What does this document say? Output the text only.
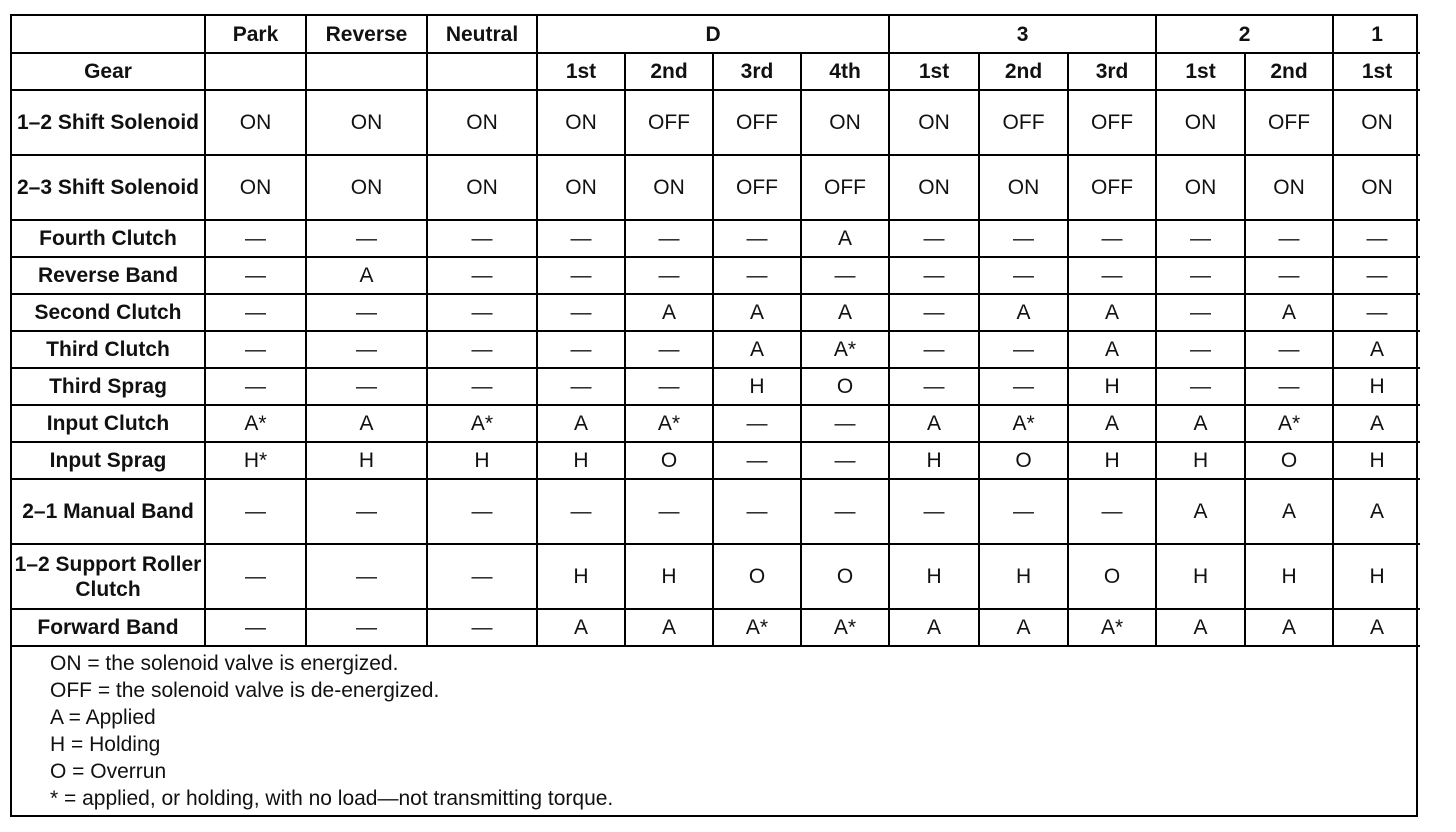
	Park	Reverse	Neutral	D				3			2		1
Gear				1st	2nd	3rd	4th	1st	2nd	3rd	1st	2nd	1st
1–2 Shift Solenoid	ON	ON	ON	ON	OFF	OFF	ON	ON	OFF	OFF	ON	OFF	ON
2–3 Shift Solenoid	ON	ON	ON	ON	ON	OFF	OFF	ON	ON	OFF	ON	ON	ON
Fourth Clutch	—	—	—	—	—	—	A	—	—	—	—	—	—
Reverse Band	—	A	—	—	—	—	—	—	—	—	—	—	—
Second Clutch	—	—	—	—	A	A	A	—	A	A	—	A	—
Third Clutch	—	—	—	—	—	A	A*	—	—	A	—	—	A
Third Sprag	—	—	—	—	—	H	O	—	—	H	—	—	H
Input Clutch	A*	A	A*	A	A*	—	—	A	A*	A	A	A*	A
Input Sprag	H*	H	H	H	O	—	—	H	O	H	H	O	H
2–1 Manual Band	—	—	—	—	—	—	—	—	—	—	A	A	A
1–2 Support Roller Clutch	—	—	—	H	H	O	O	H	H	O	H	H	H
Forward Band	—	—	—	A	A	A*	A*	A	A	A*	A	A	A
ON = the solenoid valve is energized.
OFF = the solenoid valve is de-energized.
A = Applied
H = Holding
O = Overrun
* = applied, or holding, with no load—not transmitting torque.
